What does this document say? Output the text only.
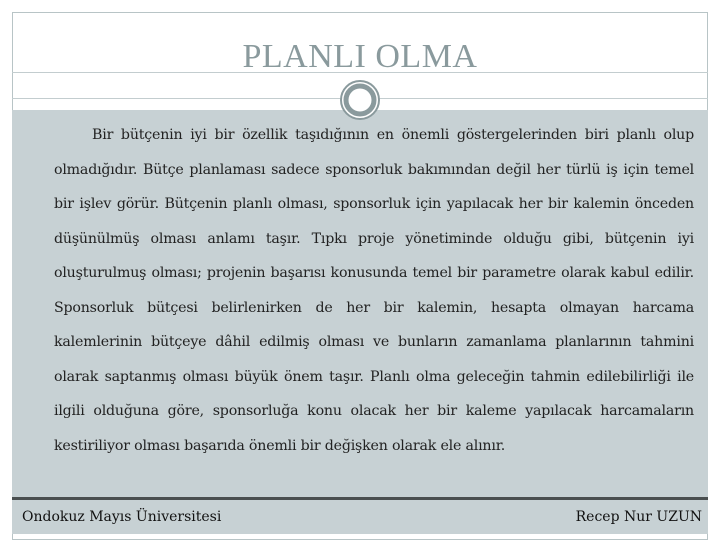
PLANLI OLMA

Bir bütçenin iyi bir özellik taşıdığının en önemli göstergelerinden biri planlı olup olmadığıdır. Bütçe planlaması sadece sponsorluk bakımından değil her türlü iş için temel bir işlev görür. Bütçenin planlı olması, sponsorluk için yapılacak her bir kalemin önceden düşünülmüş olması anlamı taşır. Tıpkı proje yönetiminde olduğu gibi, bütçenin iyi oluşturulmuş olması; projenin başarısı konusunda temel bir parametre olarak kabul edilir. Sponsorluk bütçesi belirlenirken de her bir kalemin, hesapta olmayan harcama kalemlerinin bütçeye dâhil edilmiş olması ve bunların zamanlama planlarının tahmini olarak saptanmış olması büyük önem taşır. Planlı olma geleceğin tahmin edilebilirliği ile ilgili olduğuna göre, sponsorluğa konu olacak her bir kaleme yapılacak harcamaların kestiriliyor olması başarıda önemli bir değişken olarak ele alınır.

Ondokuz Mayıs Üniversitesi	Recep Nur UZUN
